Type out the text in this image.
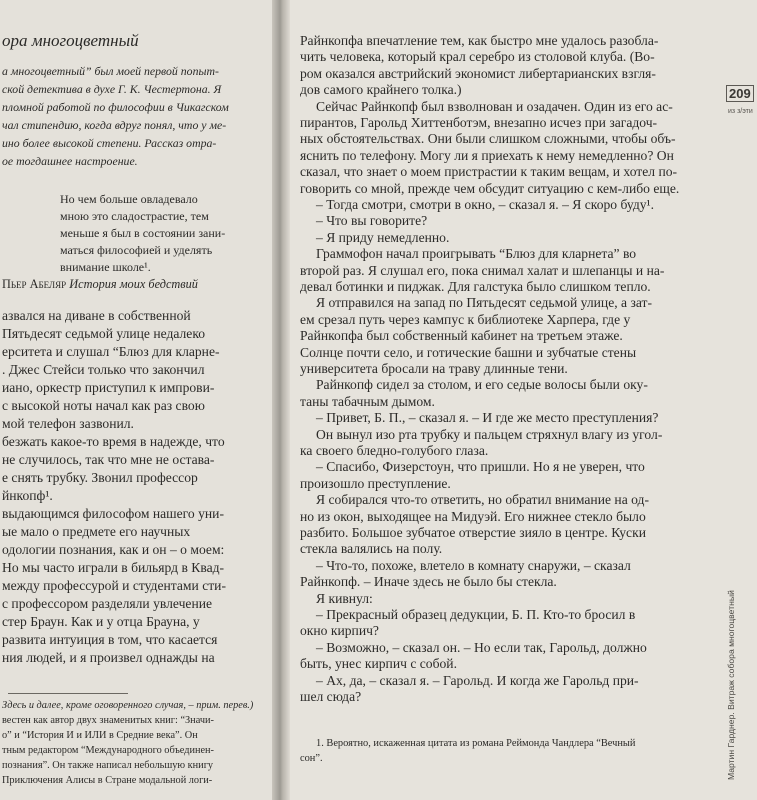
ора многоцветный
а многоцветный” был моей первой попыт-
ской детектива в духе Г. К. Честертона. Я
пломной работой по философии в Чикагском
чал стипендию, когда вдруг понял, что у ме-
ино более высокой степени. Рассказ отра-
ое тогдашнее настроение.
Но чем больше овладевало
мною это сладострастие, тем
меньше я был в состоянии зани-
маться философией и уделять
внимание школе¹.
Пьер Абеляр История моих бедствий
азвался на диване в собственной
Пятьдесят седьмой улице недалеко
ерситета и слушал “Блюз для кларне-
. Джес Стейси только что закончил
иано, оркестр приступил к импрови-
с высокой ноты начал как раз свою
мой телефон зазвонил.
безжать какое-то время в надежде, что
не случилось, так что мне не остава-
е снять трубку. Звонил профессор
йнкопф¹.
выдающимся философом нашего уни-
ые мало о предмете его научных
одологии познания, как и он – о моем:
Но мы часто играли в бильярд в Квад-
между профессурой и студентами сти-
с профессором разделяли увлечение
стер Браун. Как и у отца Брауна, у
развита интуиция в том, что касается
ния людей, и я произвел однажды на
Здесь и далее, кроме оговоренного случая, – прим. перев.)
вестен как автор двух знаменитых книг: “Значи-
о” и “История И и ИЛИ в Средние века”. Он
тным редактором “Международного объединен-
познания”. Он также написал небольшую книгу
Приключения Алисы в Стране модальной логи-
Райнкопфа впечатление тем, как быстро мне удалось разобла-
чить человека, который крал серебро из столовой клуба. (Во-
ром оказался австрийский экономист либертарианских взгля-
дов самого крайнего толка.)
Сейчас Райнкопф был взволнован и озадачен. Один из его ас-
пирантов, Гарольд Хиттенботэм, внезапно исчез при загадоч-
ных обстоятельствах. Они были слишком сложными, чтобы объ-
яснить по телефону. Могу ли я приехать к нему немедленно? Он
сказал, что знает о моем пристрастии к таким вещам, и хотел по-
говорить со мной, прежде чем обсудит ситуацию с кем-либо еще.
– Тогда смотри, смотри в окно, – сказал я. – Я скоро буду¹.
– Что вы говорите?
– Я приду немедленно.
Граммофон начал проигрывать “Блюз для кларнета” во
второй раз. Я слушал его, пока снимал халат и шлепанцы и на-
девал ботинки и пиджак. Для галстука было слишком тепло.
Я отправился на запад по Пятьдесят седьмой улице, а зат-
ем срезал путь через кампус к библиотеке Харпера, где у
Райнкопфа был собственный кабинет на третьем этаже.
Солнце почти село, и готические башни и зубчатые стены
университета бросали на траву длинные тени.
Райнкопф сидел за столом, и его седые волосы были оку-
таны табачным дымом.
– Привет, Б. П., – сказал я. – И где же место преступления?
Он вынул изо рта трубку и пальцем стряхнул влагу из угол-
ка своего бледно-голубого глаза.
– Спасибо, Физерстоун, что пришли. Но я не уверен, что
произошло преступление.
Я собирался что-то ответить, но обратил внимание на од-
но из окон, выходящее на Мидуэй. Его нижнее стекло было
разбито. Большое зубчатое отверстие зияло в центре. Куски
стекла валялись на полу.
– Что-то, похоже, влетело в комнату снаружи, – сказал
Райнкопф. – Иначе здесь не было бы стекла.
Я кивнул:
– Прекрасный образец дедукции, Б. П. Кто-то бросил в
окно кирпич?
– Возможно, – сказал он. – Но если так, Гарольд, должно
быть, унес кирпич с собой.
– Ах, да, – сказал я. – Гарольд. И когда же Гарольд при-
шел сюда?
209
из з/эти
Мартин Гарднер. Витраж собора многоцветный
1. Вероятно, искаженная цитата из романа Реймонда Чандлера “Вечный
сон”.
